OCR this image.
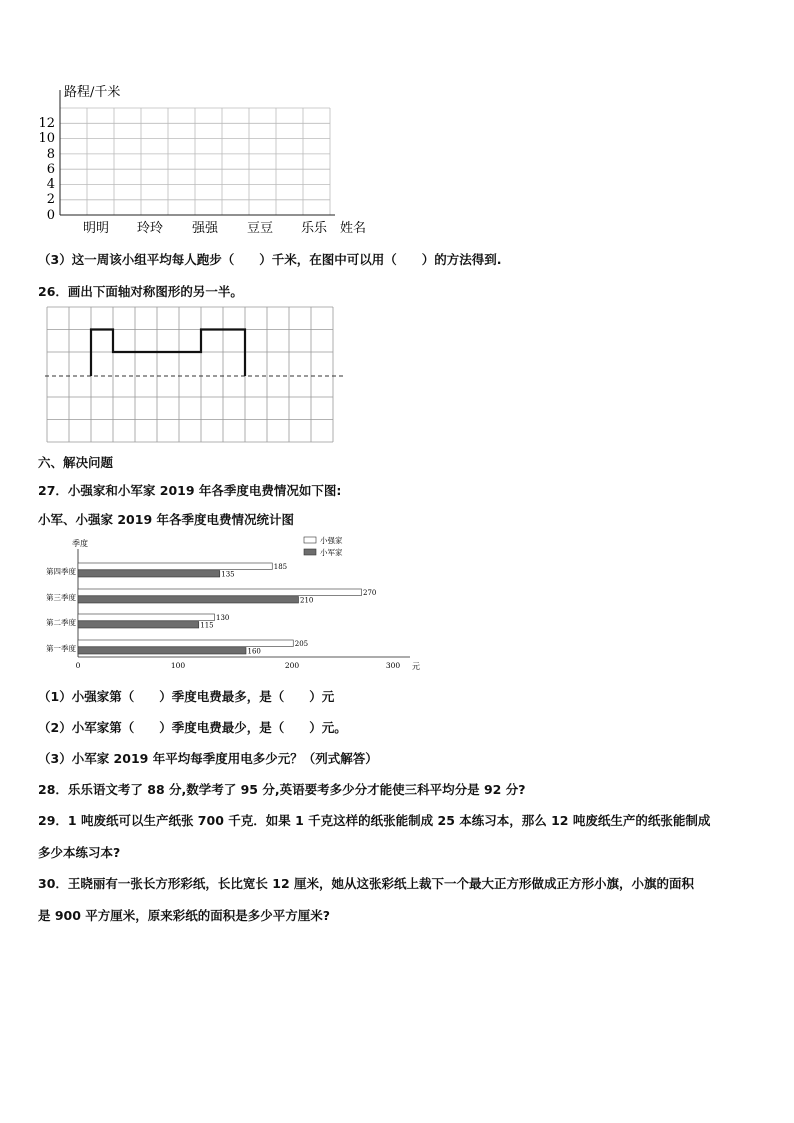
路程/千米
0
2
4
6
8
10
12
明明 玲玲 强强 豆豆 乐乐 姓名
（3）这一周该小组平均每人跑步（　　）千米，在图中可以用（　　）的方法得到.
26．画出下面轴对称图形的另一半。
六、解决问题
27．小强家和小军家 2019 年各季度电费情况如下图:
小军、小强家 2019 年各季度电费情况统计图
季度	小强家
小军家
第四季度
第三季度
第二季度
第一季度	205
160
130
115
270
210
185
135
0	100	200	300 元
（1）小强家第（　　）季度电费最多，是（　　）元
（2）小军家第（　　）季度电费最少，是（　　）元。
（3）小军家 2019 年平均每季度用电多少元？（列式解答）
28．乐乐语文考了 88 分,数学考了 95 分,英语要考多少分才能使三科平均分是 92 分?
29．1 吨废纸可以生产纸张 700 千克．如果 1 千克这样的纸张能制成 25 本练习本，那么 12 吨废纸生产的纸张能制成
多少本练习本?
30．王晓丽有一张长方形彩纸，长比宽长 12 厘米，她从这张彩纸上裁下一个最大正方形做成正方形小旗，小旗的面积
是 900 平方厘米，原来彩纸的面积是多少平方厘米?
